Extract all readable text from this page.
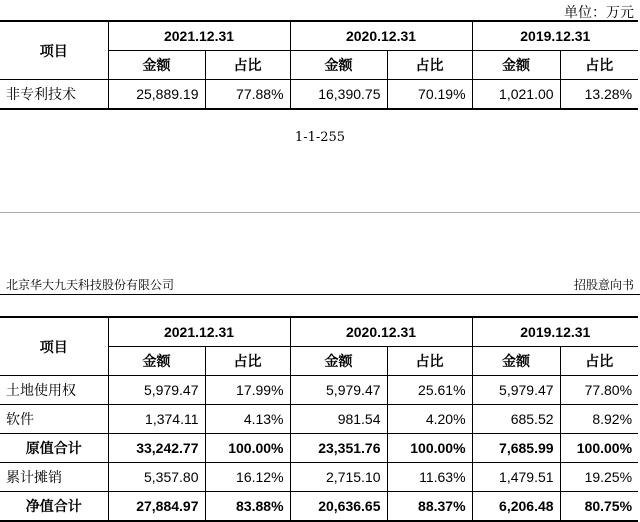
单位：万元
项目	2021.12.31		2020.12.31		2019.12.31	
	金额	占比	金额	占比	金额	占比
非专利技术	25,889.19	77.88%	16,390.75	70.19%	1,021.00	13.28%
1-1-255
北京华大九天科技股份有限公司	招股意向书
项目	2021.12.31		2020.12.31		2019.12.31	
	金额	占比	金额	占比	金额	占比
土地使用权	5,979.47	17.99%	5,979.47	25.61%	5,979.47	77.80%
软件	1,374.11	4.13%	981.54	4.20%	685.52	8.92%
原值合计	33,242.77	100.00%	23,351.76	100.00%	7,685.99	100.00%
累计摊销	5,357.80	16.12%	2,715.10	11.63%	1,479.51	19.25%
净值合计	27,884.97	83.88%	20,636.65	88.37%	6,206.48	80.75%
